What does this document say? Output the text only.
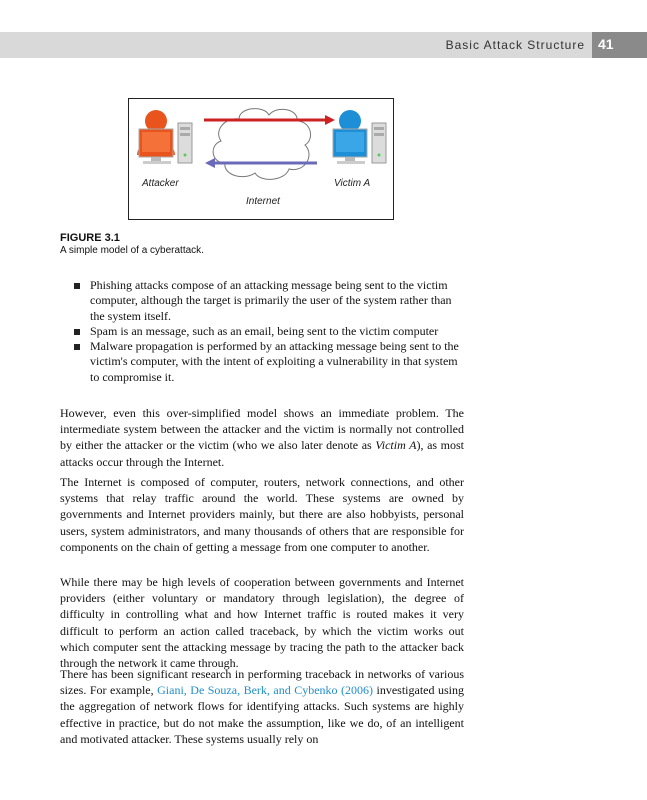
Basic Attack Structure 41
Attacker	Victim A
Internet
FIGURE 3.1
A simple model of a cyberattack.
Phishing attacks compose of an attacking message being sent to the victim computer, although the target is primarily the user of the system rather than the system itself.
Spam is an message, such as an email, being sent to the victim computer
Malware propagation is performed by an attacking message being sent to the victim's computer, with the intent of exploiting a vulnerability in that system to compromise it.

However, even this over-simplified model shows an immediate problem. The intermediate system between the attacker and the victim is normally not controlled by either the attacker or the victim (who we also later denote as Victim A), as most attacks occur through the Internet.

The Internet is composed of computer, routers, network connections, and other systems that relay traffic around the world. These systems are owned by governments and Internet providers mainly, but there are also hobbyists, personal users, system administrators, and many thousands of others that are responsible for components on the chain of getting a message from one computer to another.

While there may be high levels of cooperation between governments and Internet providers (either voluntary or mandatory through legislation), the degree of difficulty in controlling what and how Internet traffic is routed makes it very difficult to perform an action called traceback, by which the victim works out which computer sent the attacking message by tracing the path to the attacker back through the network it came through.

There has been significant research in performing traceback in networks of various sizes. For example, Giani, De Souza, Berk, and Cybenko (2006) investigated using the aggregation of network flows for identifying attacks. Such systems are highly effective in practice, but do not make the assumption, like we do, of an intelligent and motivated attacker. These systems usually rely on
